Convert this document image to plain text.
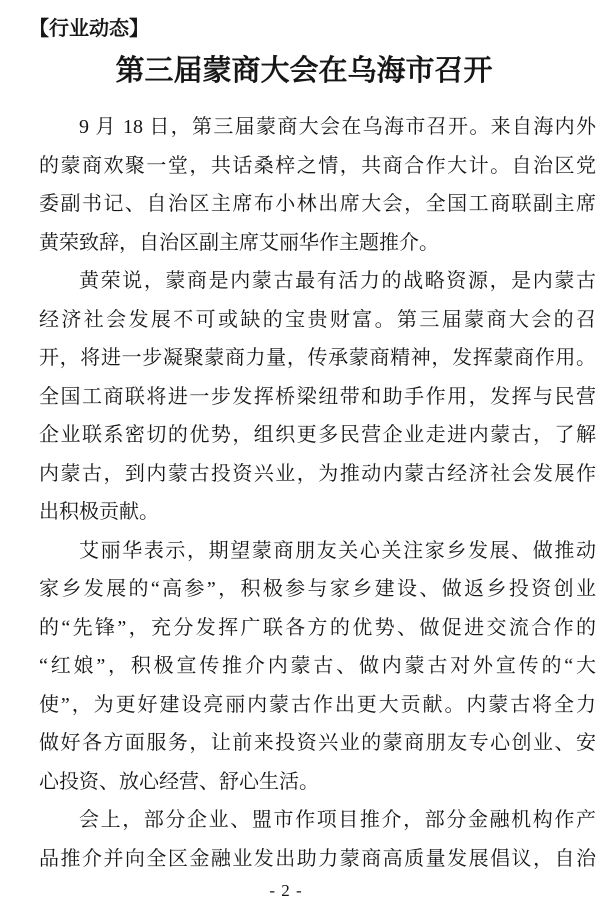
【行业动态】
第三届蒙商大会在乌海市召开
9 月 18 日，第三届蒙商大会在乌海市召开。来自海内外
的蒙商欢聚一堂，共话桑梓之情，共商合作大计。自治区党
委副书记、自治区主席布小林出席大会，全国工商联副主席
黄荣致辞，自治区副主席艾丽华作主题推介。
黄荣说，蒙商是内蒙古最有活力的战略资源，是内蒙古
经济社会发展不可或缺的宝贵财富。第三届蒙商大会的召
开，将进一步凝聚蒙商力量，传承蒙商精神，发挥蒙商作用。
全国工商联将进一步发挥桥梁纽带和助手作用，发挥与民营
企业联系密切的优势，组织更多民营企业走进内蒙古，了解
内蒙古，到内蒙古投资兴业，为推动内蒙古经济社会发展作
出积极贡献。
艾丽华表示，期望蒙商朋友关心关注家乡发展、做推动
家乡发展的“高参”，积极参与家乡建设、做返乡投资创业
的“先锋”，充分发挥广联各方的优势、做促进交流合作的
“红娘”，积极宣传推介内蒙古、做内蒙古对外宣传的“大
使”，为更好建设亮丽内蒙古作出更大贡献。内蒙古将全力
做好各方面服务，让前来投资兴业的蒙商朋友专心创业、安
心投资、放心经营、舒心生活。
会上，部分企业、盟市作项目推介，部分金融机构作产
品推介并向全区金融业发出助力蒙商高质量发展倡议，自治
- 2 -
